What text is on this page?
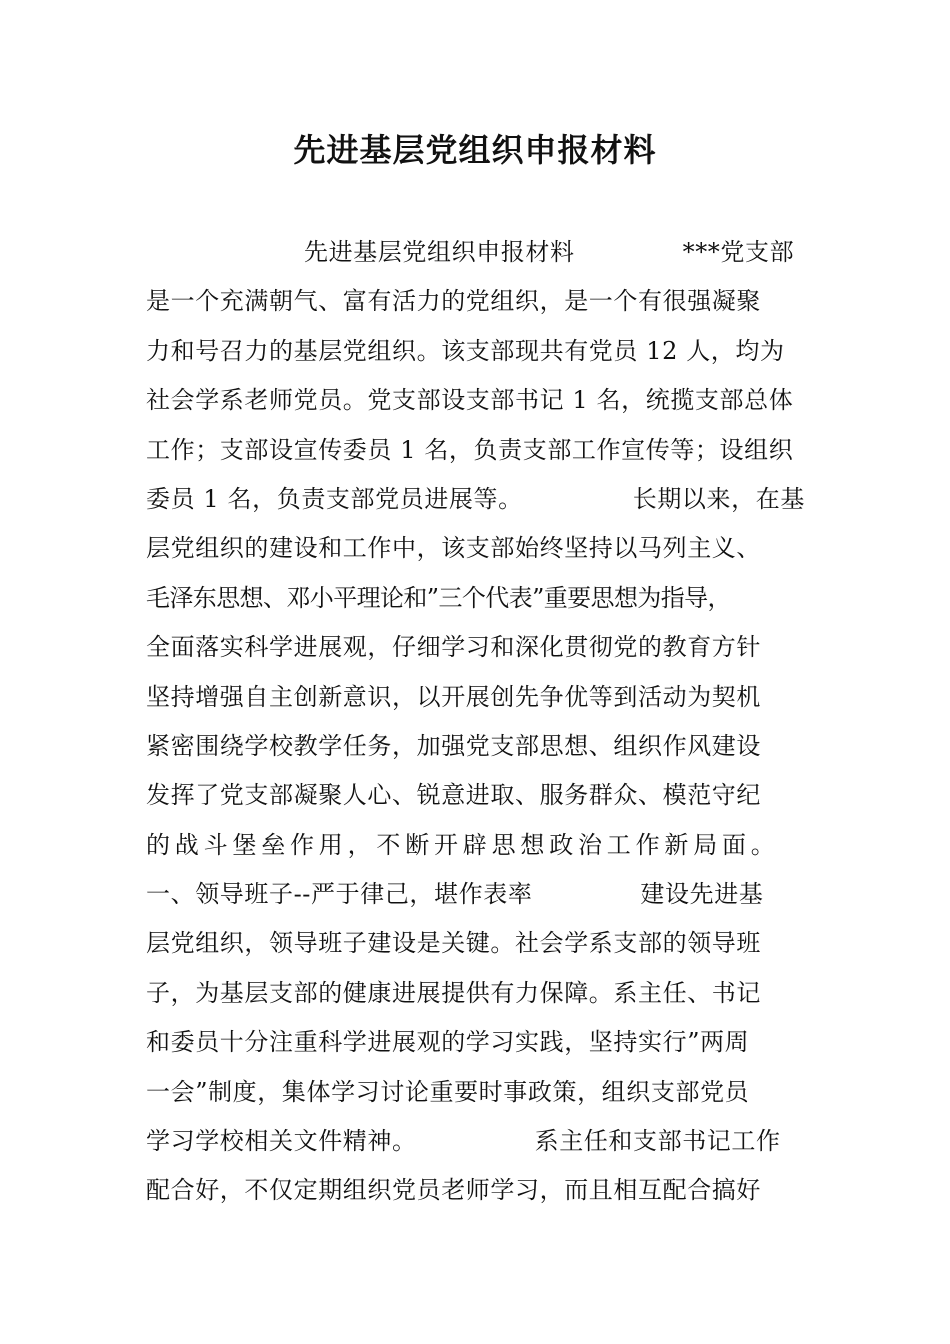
先进基层党组织申报材料
先进基层党组织申报材料	***党支部
是一个充满朝气、富有活力的党组织，是一个有很强凝聚
力和号召力的基层党组织。该支部现共有党员 12 人，均为
社会学系老师党员。党支部设支部书记 1 名，统揽支部总体
工作；支部设宣传委员 1 名，负责支部工作宣传等；设组织
委员 1 名，负责支部党员进展等。	长期以来，在基
层党组织的建设和工作中，该支部始终坚持以马列主义、
毛泽东思想、邓小平理论和”三个代表”重要思想为指导，
全面落实科学进展观，仔细学习和深化贯彻党的教育方针
坚持增强自主创新意识，以开展创先争优等到活动为契机
紧密围绕学校教学任务，加强党支部思想、组织作风建设
发挥了党支部凝聚人心、锐意进取、服务群众、模范守纪
的战斗堡垒作用，不断开辟思想政治工作新局面。
一、领导班子--严于律己，堪作表率	建设先进基
层党组织，领导班子建设是关键。社会学系支部的领导班
子，为基层支部的健康进展提供有力保障。系主任、书记
和委员十分注重科学进展观的学习实践，坚持实行”两周
一会”制度，集体学习讨论重要时事政策，组织支部党员
学习学校相关文件精神。	系主任和支部书记工作
配合好，不仅定期组织党员老师学习，而且相互配合搞好
